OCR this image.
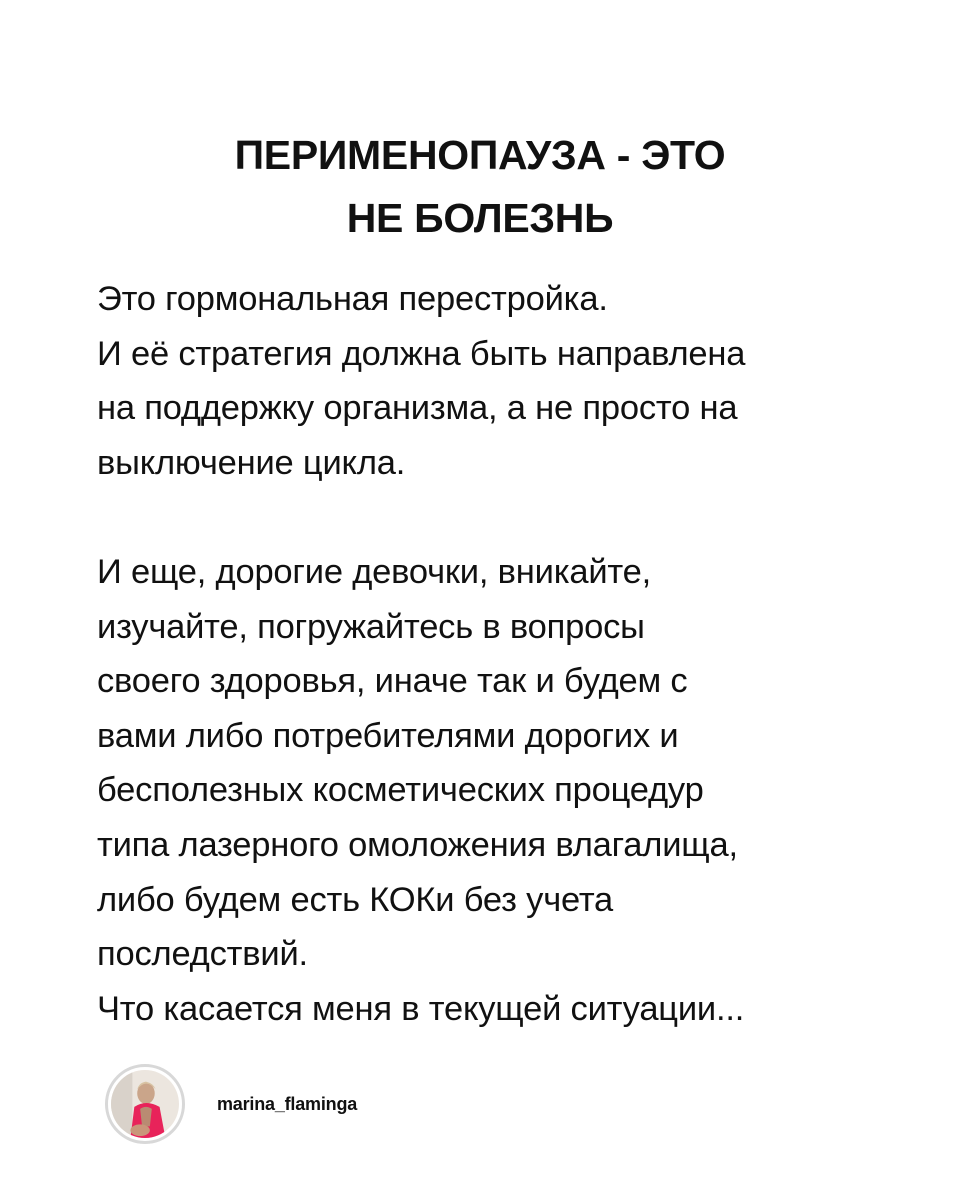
ПЕРИМЕНОПАУЗА - ЭТО
НЕ БОЛЕЗНЬ
Это гормональная перестройка.
И её стратегия должна быть направлена
на поддержку организма, а не просто на
выключение цикла.
И еще, дорогие девочки, вникайте,
изучайте, погружайтесь в вопросы
своего здоровья, иначе так и будем с
вами либо потребителями дорогих и
бесполезных косметических процедур
типа лазерного омоложения влагалища,
либо будем есть КОКи без учета
последствий.
Что касается меня в текущей ситуации...
marina_flaminga
